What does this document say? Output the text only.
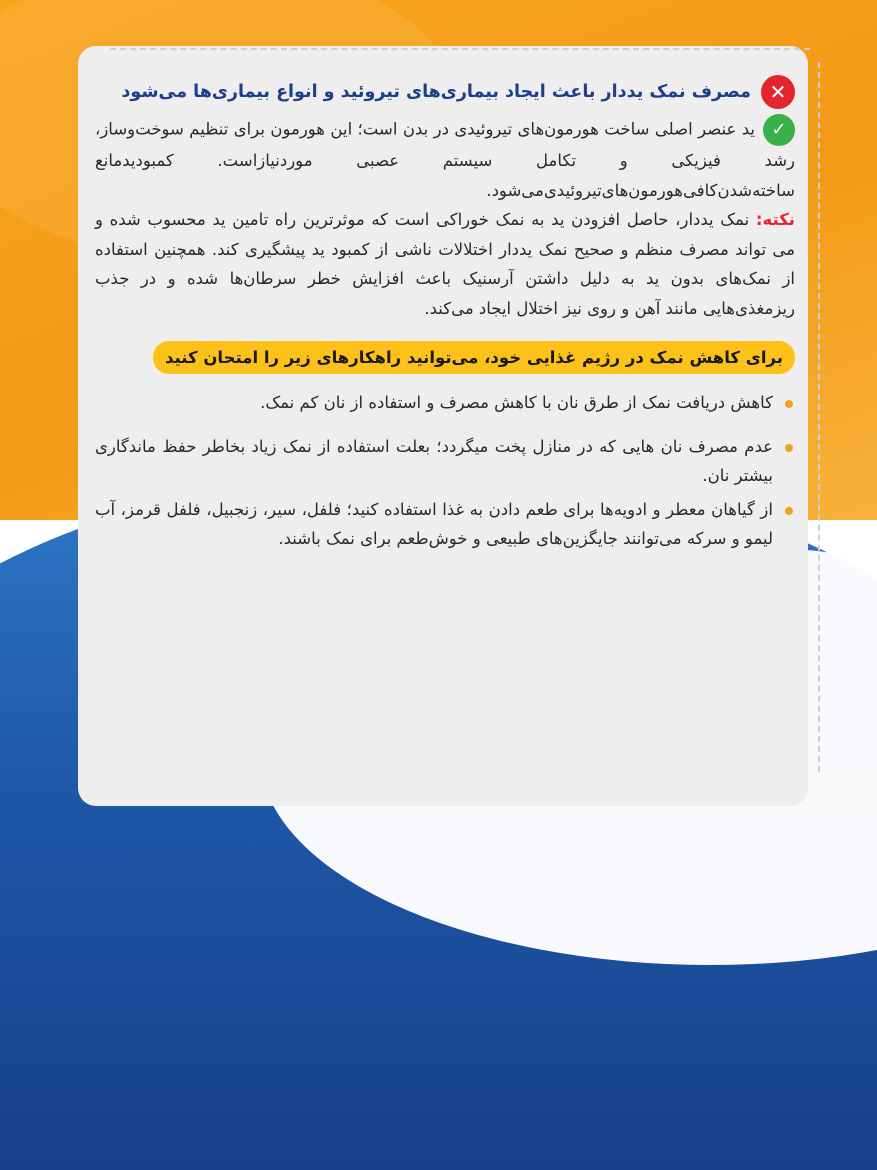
✕
مصرف نمک یددار باعث ایجاد بیماری‌های تیروئید و انواع بیماری‌ها می‌شود

✓ید عنصر اصلی ساخت هورمون‌های تیروئیدی در بدن است؛ این هورمون برای تنظیم سوخت‌وساز، رشد فیزیکی و تکامل سیستم عصبی موردنیازاست. کمبودیدمانع ساخته‌شدن‌کافی‌هورمون‌های‌تیروئیدی‌می‌شود.

نکته: نمک یددار، حاصل افزودن ید به نمک خوراکی است که موثرترین راه تامین ید محسوب شده و می تواند مصرف منظم و صحیح نمک یددار اختلالات ناشی از کمبود ید پیشگیری کند. همچنین استفاده از نمک‌های بدون ید به دلیل داشتن آرسنیک باعث افزایش خطر سرطان‌ها شده و در جذب ریزمغذی‌هایی مانند آهن و روی نیز اختلال ایجاد می‌کند.

برای کاهش نمک در رژیم غذایی خود، می‌توانید راهکارهای زیر را امتحان کنید

کاهش دریافت نمک از طرق نان با کاهش مصرف و استفاده از نان کم نمک.

عدم مصرف نان هایی که در منازل پخت میگردد؛ بعلت استفاده از نمک زیاد بخاطر حفظ ماندگاری بیشتر نان.

از گیاهان معطر و ادویه‌ها برای طعم دادن به غذا استفاده کنید؛ فلفل، سیر، زنجبیل، فلفل قرمز، آب لیمو و سرکه می‌توانند جایگزین‌های طبیعی و خوش‌طعم برای نمک باشند.
